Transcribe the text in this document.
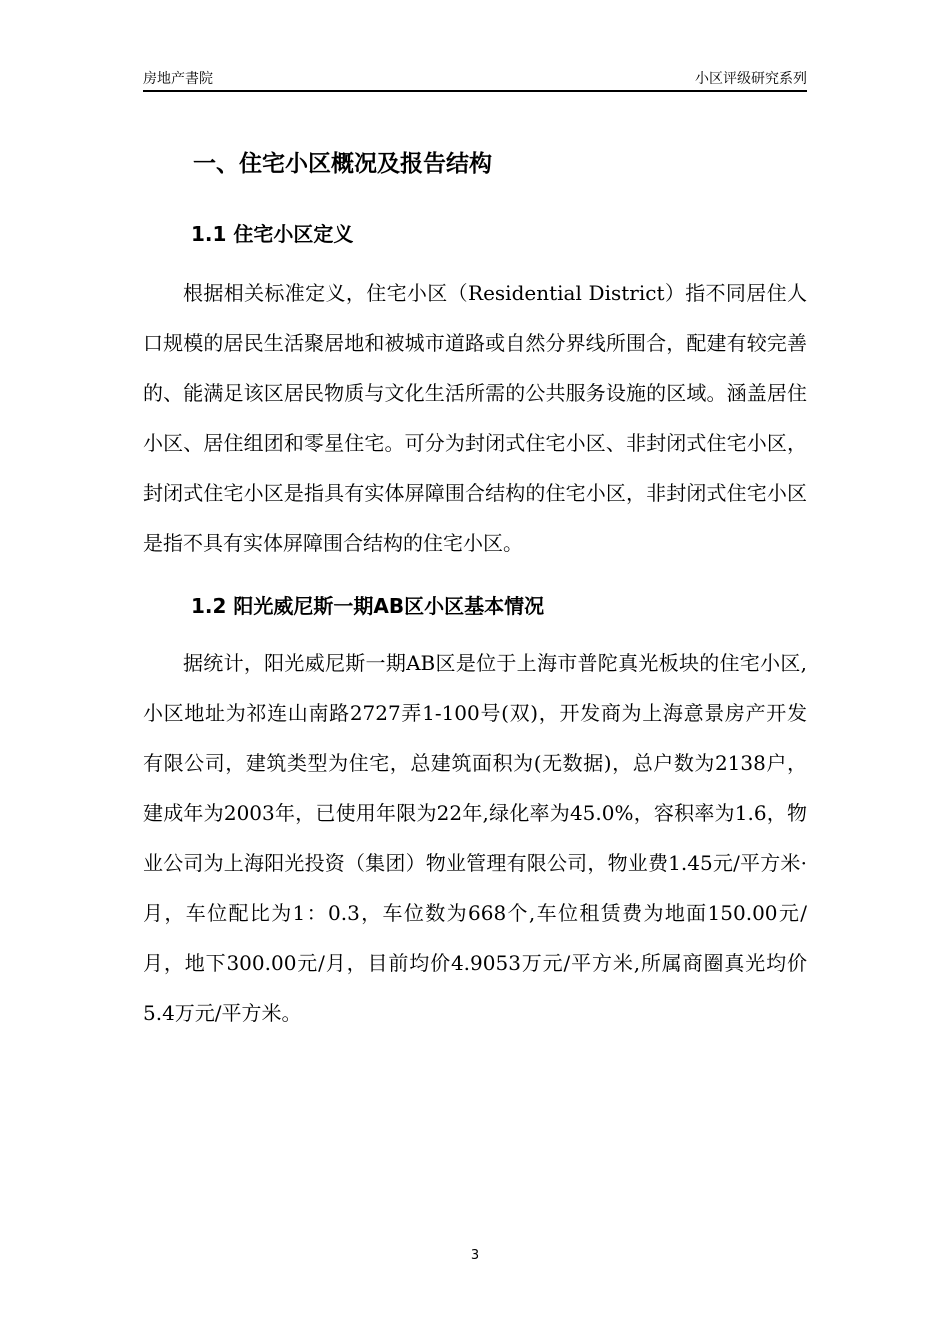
房地产書院	小区评级研究系列
一、住宅小区概况及报告结构
1.1 住宅小区定义

根据相关标准定义，住宅小区（Residential District）指不同居住人口规模的居民生活聚居地和被城市道路或自然分界线所围合，配建有较完善的、能满足该区居民物质与文化生活所需的公共服务设施的区域。涵盖居住小区、居住组团和零星住宅。可分为封闭式住宅小区、非封闭式住宅小区，封闭式住宅小区是指具有实体屏障围合结构的住宅小区，非封闭式住宅小区是指不具有实体屏障围合结构的住宅小区。

1.2 阳光威尼斯一期AB区小区基本情况

据统计，阳光威尼斯一期AB区是位于上海市普陀真光板块的住宅小区,小区地址为祁连山南路2727弄1-100号(双)，开发商为上海意景房产开发有限公司，建筑类型为住宅，总建筑面积为(无数据)，总户数为2138户，建成年为2003年，已使用年限为22年,绿化率为45.0%，容积率为1.6，物业公司为上海阳光投资（集团）物业管理有限公司，物业费1.45元/平方米·月，车位配比为1：0.3，车位数为668个,车位租赁费为地面150.00元/月，地下300.00元/月，目前均价4.9053万元/平方米,所属商圈真光均价5.4万元/平方米。

3
